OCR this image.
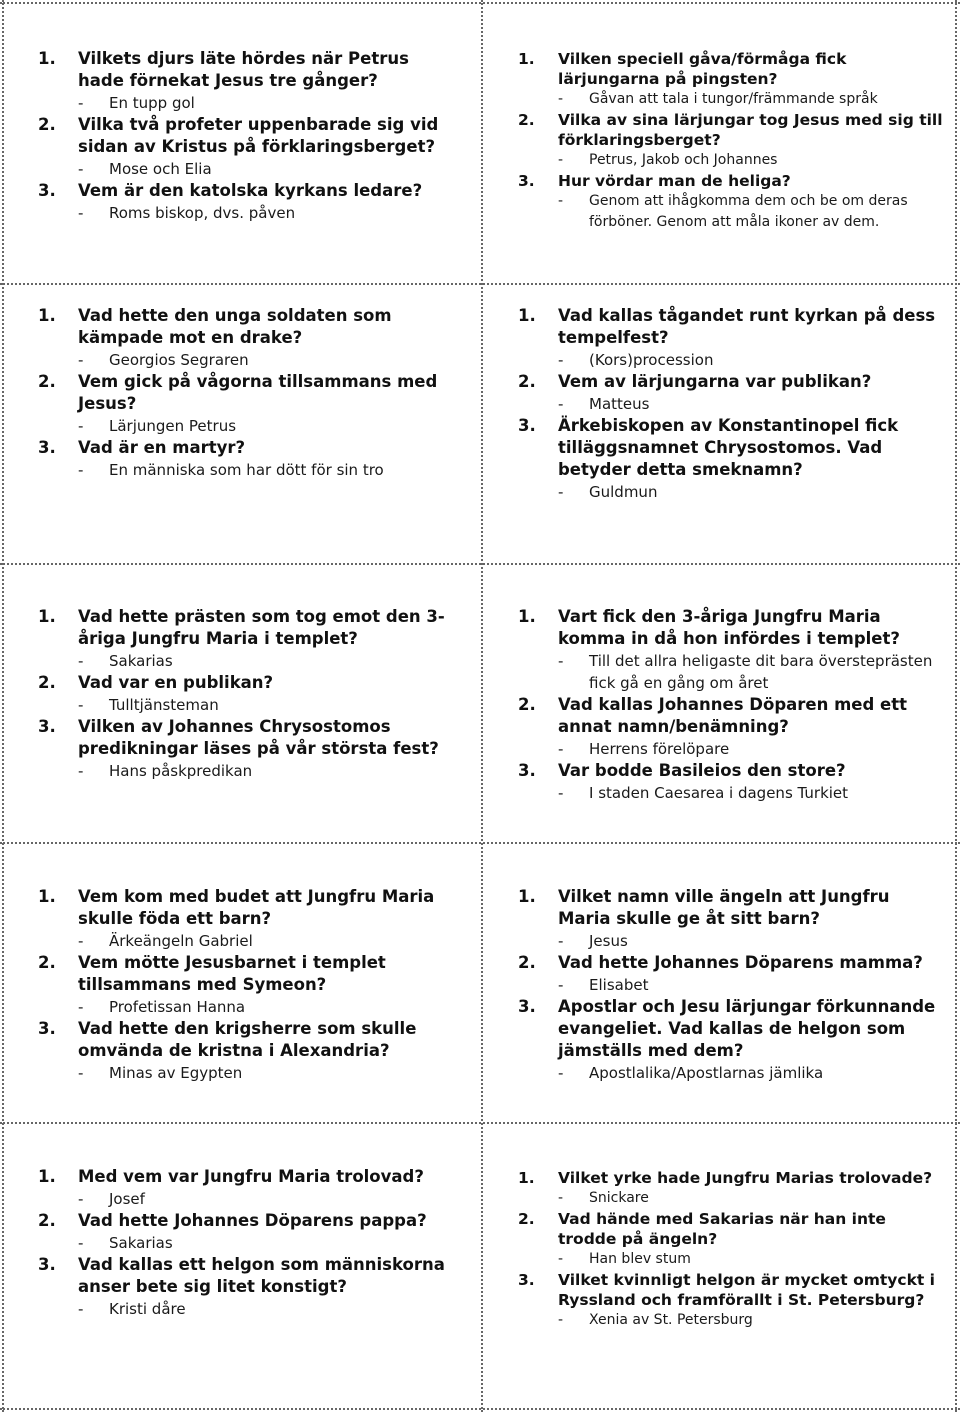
1. Vilkets djurs läte hördes när Petrus hade förnekat Jesus tre gånger?
- En tupp gol
2. Vilka två profeter uppenbarade sig vid sidan av Kristus på förklaringsberget?
- Mose och Elia
3. Vem är den katolska kyrkans ledare?
- Roms biskop, dvs. påven
1. Vilken speciell gåva/förmåga fick lärjungarna på pingsten?
- Gåvan att tala i tungor/främmande språk
2. Vilka av sina lärjungar tog Jesus med sig till förklaringsberget?
- Petrus, Jakob och Johannes
3. Hur vördar man de heliga?
- Genom att ihågkomma dem och be om deras förböner. Genom att måla ikoner av dem.
1. Vad hette den unga soldaten som kämpade mot en drake?
- Georgios Segraren
2. Vem gick på vågorna tillsammans med Jesus?
- Lärjungen Petrus
3. Vad är en martyr?
- En människa som har dött för sin tro
1. Vad kallas tågandet runt kyrkan på dess tempelfest?
- (Kors)procession
2. Vem av lärjungarna var publikan?
- Matteus
3. Ärkebiskopen av Konstantinopel fick tilläggsnamnet Chrysostomos. Vad betyder detta smeknamn?
- Guldmun
1. Vad hette prästen som tog emot den 3-åriga Jungfru Maria i templet?
- Sakarias
2. Vad var en publikan?
- Tulltjänsteman
3. Vilken av Johannes Chrysostomos predikningar läses på vår största fest?
- Hans påskpredikan
1. Vart fick den 3-åriga Jungfru Maria komma in då hon infördes i templet?
- Till det allra heligaste dit bara översteprästen fick gå en gång om året
2. Vad kallas Johannes Döparen med ett annat namn/benämning?
- Herrens förelöpare
3. Var bodde Basileios den store?
- I staden Caesarea i dagens Turkiet
1. Vem kom med budet att Jungfru Maria skulle föda ett barn?
- Ärkeängeln Gabriel
2. Vem mötte Jesusbarnet i templet tillsammans med Symeon?
- Profetissan Hanna
3. Vad hette den krigsherre som skulle omvända de kristna i Alexandria?
- Minas av Egypten
1. Vilket namn ville ängeln att Jungfru Maria skulle ge åt sitt barn?
- Jesus
2. Vad hette Johannes Döparens mamma?
- Elisabet
3. Apostlar och Jesu lärjungar förkunnande evangeliet. Vad kallas de helgon som jämställs med dem?
- Apostlalika/Apostlarnas jämlika
1. Med vem var Jungfru Maria trolovad?
- Josef
2. Vad hette Johannes Döparens pappa?
- Sakarias
3. Vad kallas ett helgon som människorna anser bete sig litet konstigt?
- Kristi dåre
1. Vilket yrke hade Jungfru Marias trolovade?
- Snickare
2. Vad hände med Sakarias när han inte trodde på ängeln?
- Han blev stum
3. Vilket kvinnligt helgon är mycket omtyckt i Ryssland och framförallt i St. Petersburg?
- Xenia av St. Petersburg
